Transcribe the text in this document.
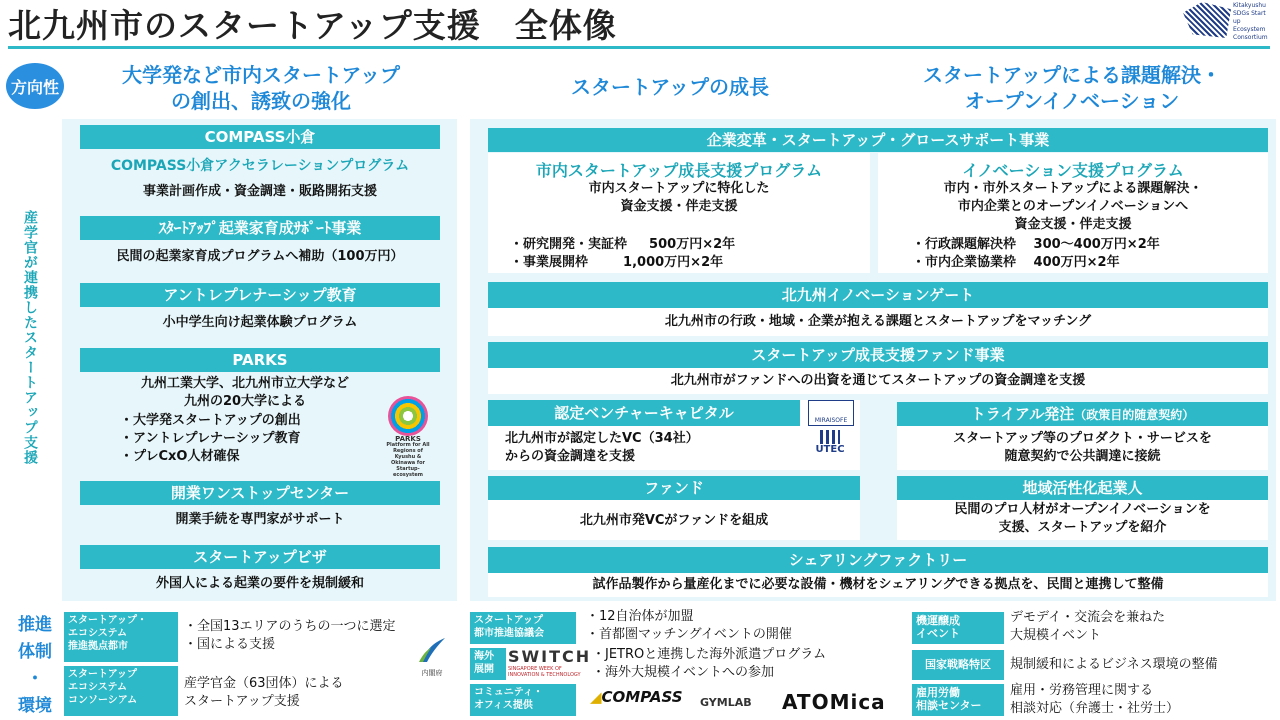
北九州市のスタートアップ支援　全体像
Kitakyushu
SDGs Start up
Ecosystem
Consortium
方向性	大学発など市内スタートアップ
の創出、誘致の強化
スタートアップの成長	スタートアップによる課題解決・
オープンイノベーション
産学官が連携したスタートアップ支援
COMPASS小倉
COMPASS小倉アクセラレーションプログラム
事業計画作成・資金調達・販路開拓支援
ｽﾀｰﾄｱｯﾌﾟ起業家育成ｻﾎﾟｰﾄ事業
民間の起業家育成プログラムへ補助（100万円）
アントレプレナーシップ教育
小中学生向け起業体験プログラム
PARKS
九州工業大学、北九州市立大学など
九州の20大学による
・大学発スタートアップの創出
・アントレプレナーシップ教育
・プレCxO人材確保
PARKS
Platform for All Regions of Kyushu & Okinawa for Startup-ecosystem
開業ワンストップセンター
開業手続を専門家がサポート
スタートアップビザ
外国人による起業の要件を規制緩和
企業変革・スタートアップ・グロースサポート事業
市内スタートアップ成長支援プログラム
市内スタートアップに特化した
資金支援・伴走支援
・研究開発・実証枠　  500万円×2年
・事業展開枠　　  1,000万円×2年
イノベーション支援プログラム
市内・市外スタートアップによる課題解決・
市内企業とのオープンイノベーションへ
資金支援・伴走支援
・行政課題解決枠　 300～400万円×2年
・市内企業協業枠　 400万円×2年
北九州イノベーションゲート
北九州市の行政・地域・企業が抱える課題とスタートアップをマッチング
スタートアップ成長支援ファンド事業
北九州市がファンドへの出資を通じてスタートアップの資金調達を支援
認定ベンチャーキャピタル	MIRAISOFE
UTEC
北九州市が認定したVC（34社）
からの資金調達を支援
トライアル発注（政策目的随意契約）
スタートアップ等のプロダクト・サービスを
随意契約で公共調達に接続
ファンド
北九州市発VCがファンドを組成
地域活性化起業人
民間のプロ人材がオープンイノベーションを
支援、スタートアップを紹介
シェアリングファクトリー
試作品製作から量産化までに必要な設備・機材をシェアリングできる拠点を、民間と連携して整備
推進
体制
・
環境
スタートアップ・
エコシステム
推進拠点都市
・全国13エリアのうちの一つに選定
・国による支援
スタートアップ
エコシステム
コンソーシアム
産学官金（63団体）による
スタートアップ支援
内閣府
スタートアップ
都市推進協議会
・12自治体が加盟
・首都圏マッチングイベントの開催
海外
展開
SWITCH
SINGAPORE WEEK OF INNOVATION & TECHNOLOGY
・JETROと連携した海外派遣プログラム
・海外大規模イベントへの参加
コミュニティ・
オフィス提供	◢COMPASS GYMLAB ATOMica
機運醸成
イベント
デモデイ・交流会を兼ねた
大規模イベント
国家戦略特区	規制緩和によるビジネス環境の整備
雇用労働
相談センター
雇用・労務管理に関する
相談対応（弁護士・社労士）
